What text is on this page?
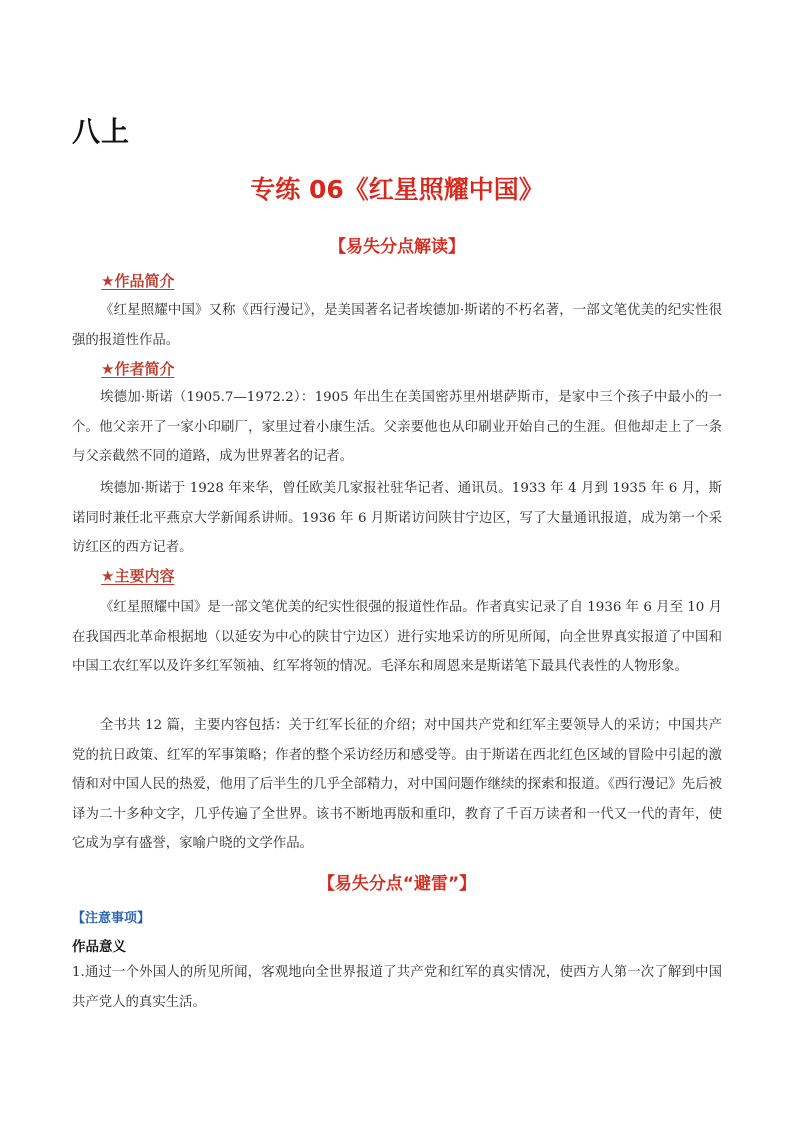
八上
专练 06《红星照耀中国》
【易失分点解读】
★作品简介
《红星照耀中国》又称《西行漫记》，是美国著名记者埃德加·斯诺的不朽名著，一部文笔优美的纪实性很强的报道性作品。
★作者简介
埃德加·斯诺（1905.7—1972.2）：1905 年出生在美国密苏里州堪萨斯市，是家中三个孩子中最小的一个。他父亲开了一家小印刷厂，家里过着小康生活。父亲要他也从印刷业开始自己的生涯。但他却走上了一条与父亲截然不同的道路，成为世界著名的记者。
埃德加·斯诺于 1928 年来华，曾任欧美几家报社驻华记者、通讯员。1933 年 4 月到 1935 年 6 月，斯诺同时兼任北平燕京大学新闻系讲师。1936 年 6 月斯诺访问陕甘宁边区，写了大量通讯报道，成为第一个采访红区的西方记者。
★主要内容
《红星照耀中国》是一部文笔优美的纪实性很强的报道性作品。作者真实记录了自 1936 年 6 月至 10 月在我国西北革命根据地（以延安为中心的陕甘宁边区）进行实地采访的所见所闻，向全世界真实报道了中国和中国工农红军以及许多红军领袖、红军将领的情况。毛泽东和周恩来是斯诺笔下最具代表性的人物形象。
全书共 12 篇，主要内容包括：关于红军长征的介绍；对中国共产党和红军主要领导人的采访；中国共产党的抗日政策、红军的军事策略；作者的整个采访经历和感受等。由于斯诺在西北红色区域的冒险中引起的激情和对中国人民的热爱，他用了后半生的几乎全部精力，对中国问题作继续的探索和报道。《西行漫记》先后被译为二十多种文字，几乎传遍了全世界。该书不断地再版和重印，教育了千百万读者和一代又一代的青年，使它成为享有盛誉，家喻户晓的文学作品。
【易失分点“避雷”】
【注意事项】
作品意义
1.通过一个外国人的所见所闻，客观地向全世界报道了共产党和红军的真实情况，使西方人第一次了解到中国共产党人的真实生活。
